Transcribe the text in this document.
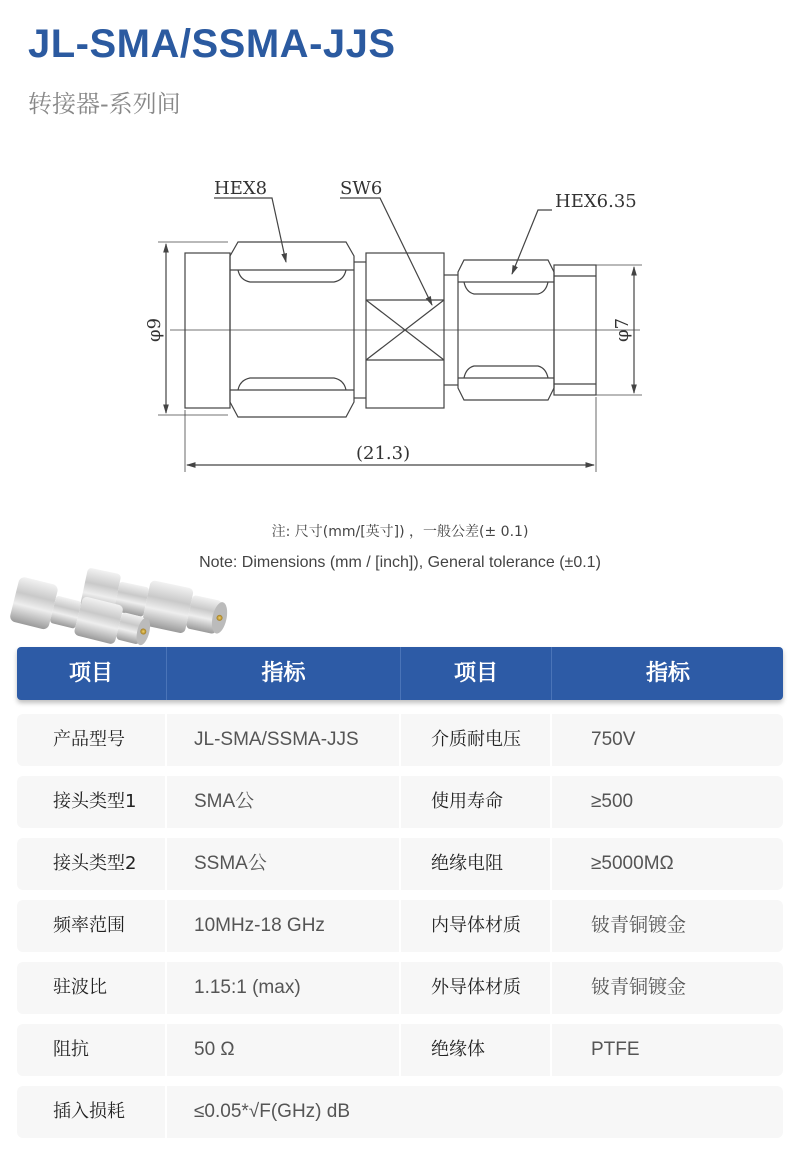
JL-SMA/SSMA-JJS
转接器-系列间
HEX8	SW6
HEX6.35
(21.3)
φ9	φ7
注: 尺寸(mm/[英寸]) ，一般公差(± 0.1)
Note: Dimensions (mm / [inch]), General tolerance (±0.1)
项目	指标	项目	指标
产品型号	JL-SMA/SSMA-JJS	介质耐电压	750V
接头类型1	SMA公	使用寿命	≥500
接头类型2	SSMA公	绝缘电阻	≥5000MΩ
频率范围	10MHz-18 GHz	内导体材质	铍青铜镀金
驻波比	1.15:1 (max)	外导体材质	铍青铜镀金
阻抗	50 Ω	绝缘体	PTFE
插入损耗	≤0.05*√F(GHz) dB
